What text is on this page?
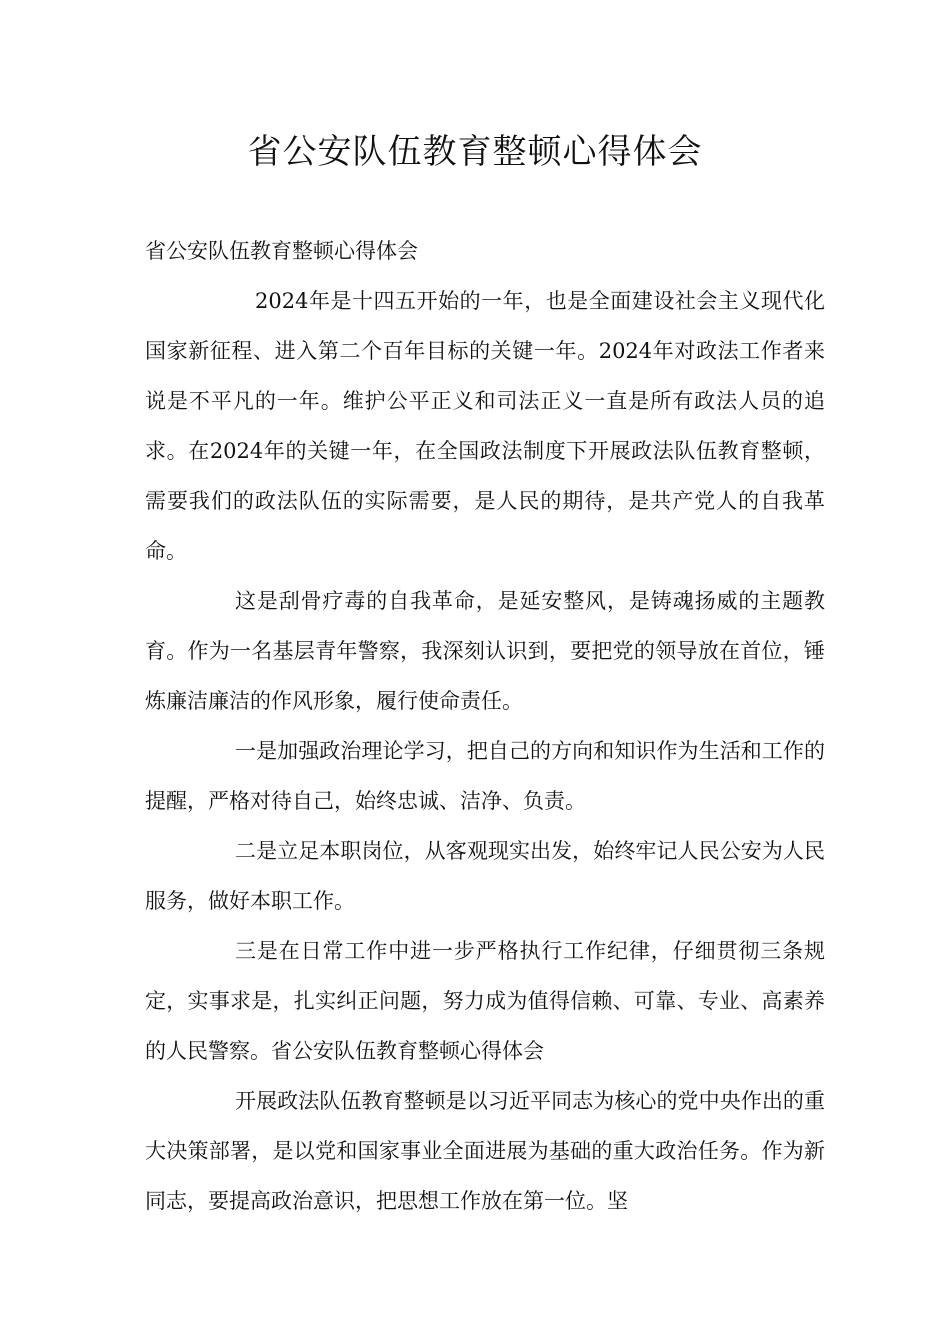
省公安队伍教育整顿心得体会

省公安队伍教育整顿心得体会

2024年是十四五开始的一年，也是全面建设社会主义现代化国家新征程、进入第二个百年目标的关键一年。2024年对政法工作者来说是不平凡的一年。维护公平正义和司法正义一直是所有政法人员的追求。在2024年的关键一年，在全国政法制度下开展政法队伍教育整顿，需要我们的政法队伍的实际需要，是人民的期待，是共产党人的自我革命。

这是刮骨疗毒的自我革命，是延安整风，是铸魂扬威的主题教育。作为一名基层青年警察，我深刻认识到，要把党的领导放在首位，锤炼廉洁廉洁的作风形象，履行使命责任。

一是加强政治理论学习，把自己的方向和知识作为生活和工作的提醒，严格对待自己，始终忠诚、洁净、负责。

二是立足本职岗位，从客观现实出发，始终牢记人民公安为人民服务，做好本职工作。

三是在日常工作中进一步严格执行工作纪律，仔细贯彻三条规定，实事求是，扎实纠正问题，努力成为值得信赖、可靠、专业、高素养的人民警察。省公安队伍教育整顿心得体会

开展政法队伍教育整顿是以习近平同志为核心的党中央作出的重大决策部署，是以党和国家事业全面进展为基础的重大政治任务。作为新同志，要提高政治意识，把思想工作放在第一位。坚
